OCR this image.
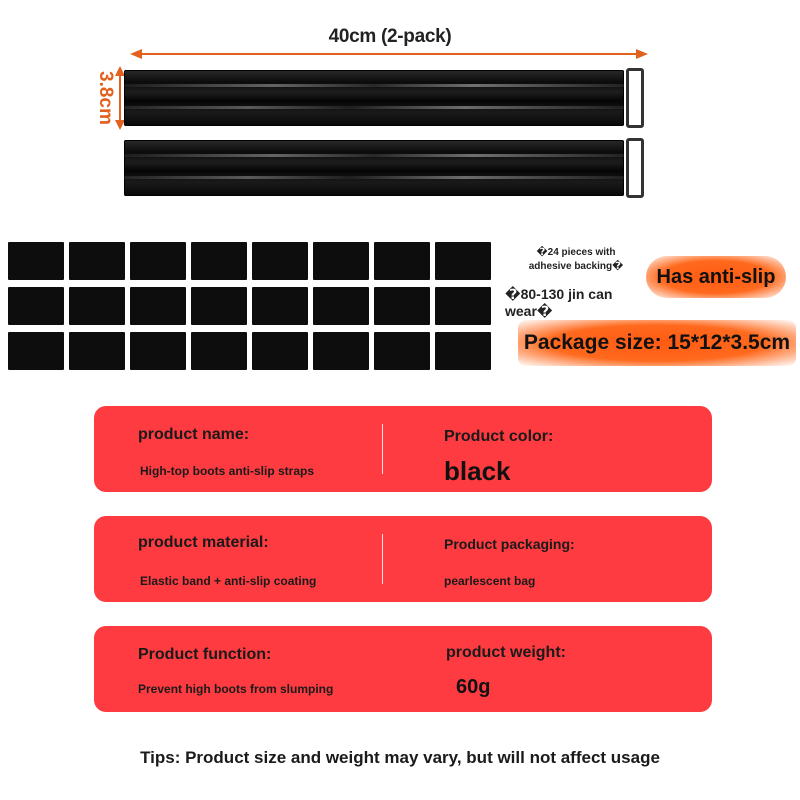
40cm (2-pack)
3.8cm
�24 pieces with adhesive backing�	Has anti-slip
�80-130 jin can wear�
Package size: 15*12*3.5cm
product name:
High-top boots anti-slip straps
Product color:
black
product material:
Elastic band + anti-slip coating
Product packaging:
pearlescent bag
Product function:
Prevent high boots from slumping
product weight:
60g
Tips: Product size and weight may vary, but will not affect usage
